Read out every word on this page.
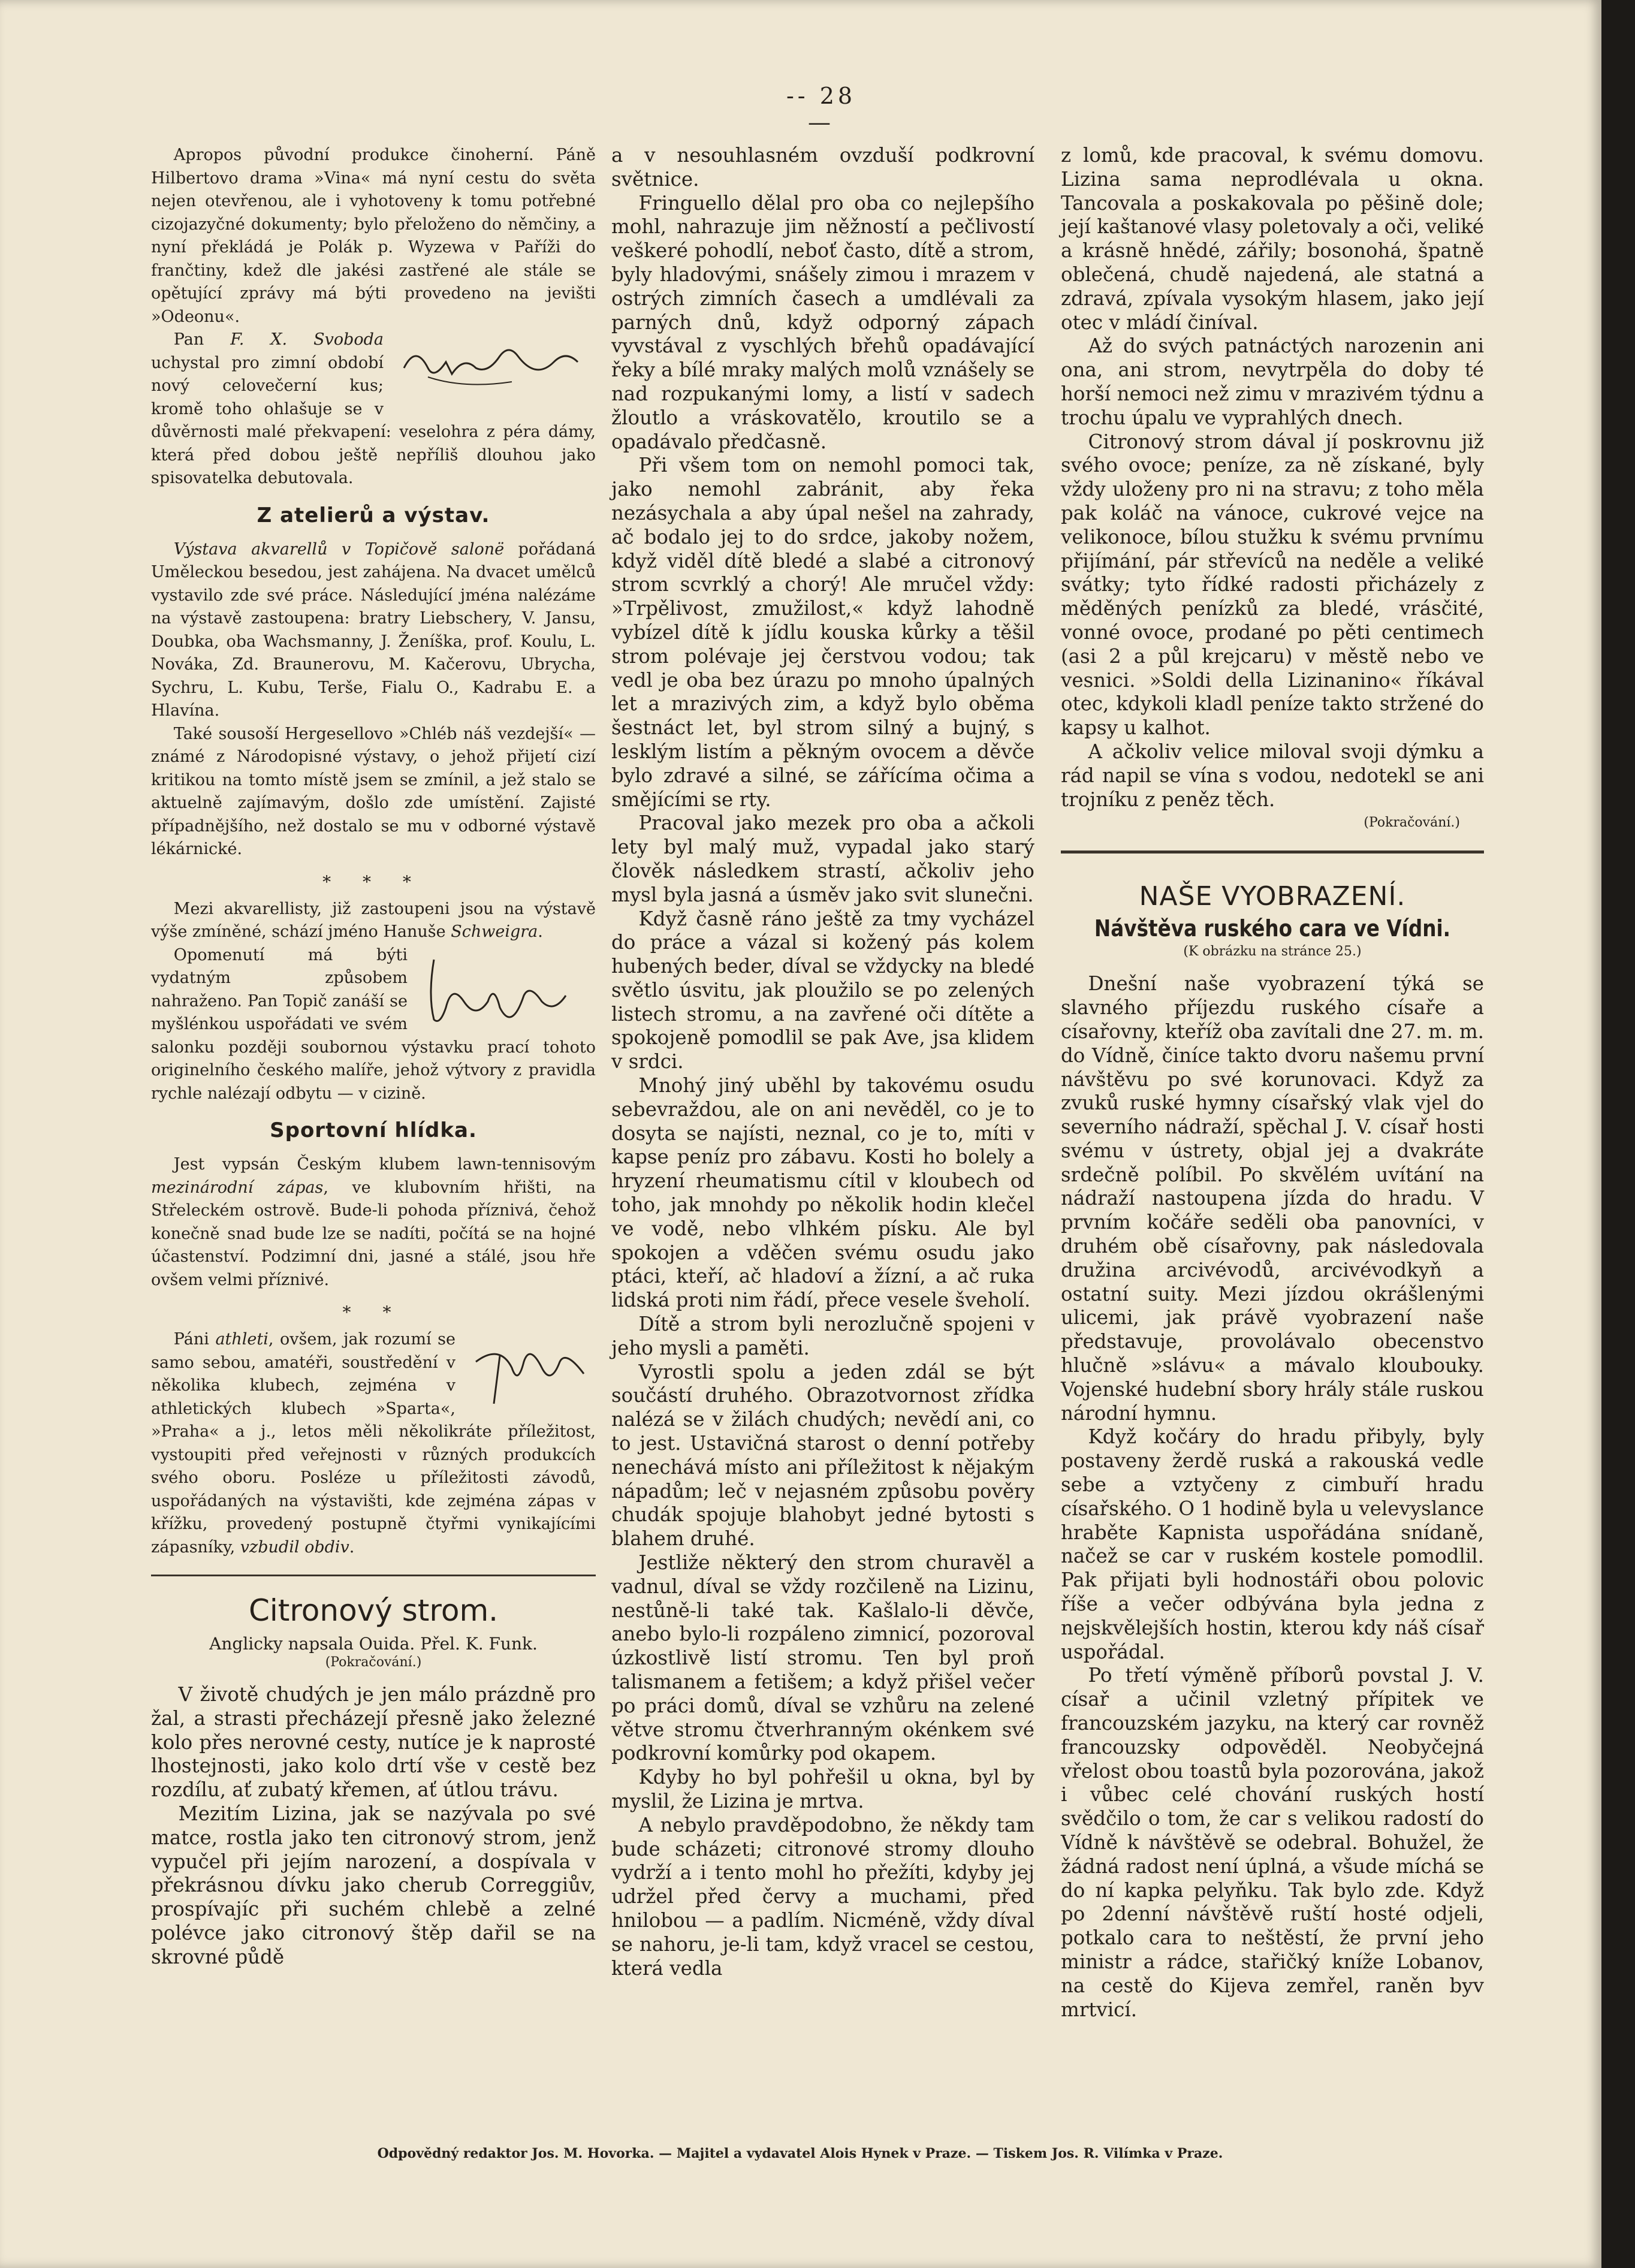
-- 28 —

Apropos původní produkce činoherní. Páně Hilbertovo drama »Vina« má nyní cestu do světa nejen otevřenou, ale i vyhotoveny k tomu potřebné cizojazyčné dokumenty; bylo přeloženo do němčiny, a nyní překládá je Polák p. Wyzewa v Paříži do frančtiny, kdež dle jakési zastřené ale stále se opětující zprávy má býti provedeno na jevišti »Odeonu«.

Pan F. X. Svoboda uchystal pro zimní období nový celovečerní kus; kromě toho ohlašuje se v důvěrnosti malé překvapení: veselohra z péra dámy, která před dobou ještě nepříliš dlouhou jako spisovatelka debutovala.

Z atelierů a výstav.

Výstava akvarellů v Topičově salonë pořádaná Uměleckou besedou, jest zahájena. Na dvacet umělců vystavilo zde své práce. Následující jména nalézáme na výstavě zastoupena: bratry Liebschery, V. Jansu, Doubka, oba Wachsmanny, J. Ženíška, prof. Koulu, L. Nováka, Zd. Braunerovu, M. Kačerovu, Ubrycha, Sychru, L. Kubu, Terše, Fialu O., Kadrabu E. a Hlavína.

Také sousoší Hergesellovo »Chléb náš vezdejší« — známé z Národopisné výstavy, o jehož přijetí cizí kritikou na tomto místě jsem se zmínil, a jež stalo se aktuelně zajímavým, došlo zde umístění. Zajisté případnějšího, než dostalo se mu v odborné výstavě lékárnické.

* * *

Mezi akvarellisty, již zastoupeni jsou na výstavě výše zmíněné, schází jméno Hanuše Schweigra.

Opomenutí má býti vydatným způsobem nahraženo. Pan Topič zanáší se myšlénkou uspořádati ve svém salonku později soubornou výstavku prací tohoto originelního českého malíře, jehož výtvory z pravidla rychle nalézají odbytu — v cizině.

Sportovní hlídka.

Jest vypsán Českým klubem lawn-tennisovým mezinárodní zápas, ve klubovním hřišti, na Střeleckém ostrově. Bude-li pohoda příznivá, čehož konečně snad bude lze se nadíti, počítá se na hojné účastenství. Podzimní dni, jasné a stálé, jsou hře ovšem velmi příznivé.

* *

Páni athleti, ovšem, jak rozumí se samo sebou, amatéři, soustředění v několika klubech, zejména v athletických klubech »Sparta«, »Praha« a j., letos měli několikráte příležitost, vystoupiti před veřejnosti v různých produkcích svého oboru. Posléze u příležitosti závodů, uspořádaných na výstavišti, kde zejména zápas v křížku, provedený postupně čtyřmi vynikajícími zápasníky, vzbudil obdiv.

Citronový strom.
Anglicky napsala Ouida. Přel. K. Funk.
(Pokračování.)

V životě chudých je jen málo prázdně pro žal, a strasti přecházejí přesně jako železné kolo přes nerovné cesty, nutíce je k naprosté lhostejnosti, jako kolo drtí vše v cestě bez rozdílu, ať zubatý křemen, ať útlou trávu.

Mezitím Lizina, jak se nazývala po své matce, rostla jako ten citronový strom, jenž vypučel při jejím narození, a dospívala v překrásnou dívku jako cherub Correggiův, prospívajíc při suchém chlebě a zelné polévce jako citronový štěp dařil se na skrovné půdě

a v nesouhlasném ovzduší podkrovní světnice.

Fringuello dělal pro oba co nejlepšího mohl, nahrazuje jim něžností a pečlivostí veškeré pohodlí, neboť často, dítě a strom, byly hladovými, snášely zimou i mrazem v ostrých zimních časech a umdlévali za parných dnů, když odporný zápach vyvstával z vyschlých břehů opadávající řeky a bílé mraky malých molů vznášely se nad rozpukanými lomy, a listí v sadech žloutlo a vráskovatělo, kroutilo se a opadávalo předčasně.

Při všem tom on nemohl pomoci tak, jako nemohl zabránit, aby řeka nezásychala a aby úpal nešel na zahrady, ač bodalo jej to do srdce, jakoby nožem, když viděl dítě bledé a slabé a citronový strom scvrklý a chorý! Ale mručel vždy: »Trpělivost, zmužilost,« když lahodně vybízel dítě k jídlu kouska kůrky a těšil strom polévaje jej čerstvou vodou; tak vedl je oba bez úrazu po mnoho úpalných let a mrazivých zim, a když bylo oběma šestnáct let, byl strom silný a bujný, s lesklým listím a pěkným ovocem a děvče bylo zdravé a silné, se zářícíma očima a smějícími se rty.

Pracoval jako mezek pro oba a ačkoli lety byl malý muž, vypadal jako starý člověk následkem strastí, ačkoliv jeho mysl byla jasná a úsměv jako svit slunečni.

Když časně ráno ještě za tmy vycházel do práce a vázal si kožený pás kolem hubených beder, díval se vždycky na bledé světlo úsvitu, jak ploužilo se po zelených listech stromu, a na zavřené oči dítěte a spokojeně pomodlil se pak Ave, jsa klidem v srdci.

Mnohý jiný uběhl by takovému osudu sebevraždou, ale on ani nevěděl, co je to dosyta se najísti, neznal, co je to, míti v kapse peníz pro zábavu. Kosti ho bolely a hryzení rheumatismu cítil v kloubech od toho, jak mnohdy po několik hodin klečel ve vodě, nebo vlhkém písku. Ale byl spokojen a vděčen svému osudu jako ptáci, kteří, ač hladoví a žízní, a ač ruka lidská proti nim řádí, přece vesele šveholí.

Dítě a strom byli nerozlučně spojeni v jeho mysli a paměti.

Vyrostli spolu a jeden zdál se být součástí druhého. Obrazotvornost zřídka nalézá se v žilách chudých; nevědí ani, co to jest. Ustavičná starost o denní potřeby nenechává místo ani příležitost k nějakým nápadům; leč v nejasném způsobu pověry chudák spojuje blahobyt jedné bytosti s blahem druhé.

Jestliže některý den strom churavěl a vadnul, díval se vždy rozčileně na Lizinu, nestůně-li také tak. Kašlalo-li děvče, anebo bylo-li rozpáleno zimnicí, pozoroval úzkostlivě listí stromu. Ten byl proň talismanem a fetišem; a když přišel večer po práci domů, díval se vzhůru na zelené větve stromu čtverhranným okénkem své podkrovní komůrky pod okapem.

Kdyby ho byl pohřešil u okna, byl by myslil, že Lizina je mrtva.

A nebylo pravděpodobno, že někdy tam bude scházeti; citronové stromy dlouho vydrží a i tento mohl ho přežíti, kdyby jej udržel před červy a muchami, před hnilobou — a padlím. Nicméně, vždy díval se nahoru, je-li tam, když vracel se cestou, která vedla

z lomů, kde pracoval, k svému domovu. Lizina sama neprodlévala u okna. Tancovala a poskakovala po pěšině dole; její kaštanové vlasy poletovaly a oči, veliké a krásně hnědé, zářily; bosonohá, špatně oblečená, chudě najedená, ale statná a zdravá, zpívala vysokým hlasem, jako její otec v mládí činíval.

Až do svých patnáctých narozenin ani ona, ani strom, nevytrpěla do doby té horší nemoci než zimu v mrazivém týdnu a trochu úpalu ve vyprahlých dnech.

Citronový strom dával jí poskrovnu již svého ovoce; peníze, za ně získané, byly vždy uloženy pro ni na stravu; z toho měla pak koláč na vánoce, cukrové vejce na velikonoce, bílou stužku k svému prvnímu přijímání, pár střevíců na neděle a veliké svátky; tyto řídké radosti přicházely z měděných penízků za bledé, vrásčité, vonné ovoce, prodané po pěti centimech (asi 2 a půl krejcaru) v městě nebo ve vesnici. »Soldi della Lizinanino« říkával otec, kdykoli kladl peníze takto stržené do kapsy u kalhot.

A ačkoliv velice miloval svoji dýmku a rád napil se vína s vodou, nedotekl se ani trojníku z peněz těch.

(Pokračování.)
NAŠE VYOBRAZENÍ.
Návštěva ruského cara ve Vídni.
(K obrázku na stránce 25.)

Dnešní naše vyobrazení týká se slavného příjezdu ruského císaře a císařovny, kteříž oba zavítali dne 27. m. m. do Vídně, činíce takto dvoru našemu první návštěvu po své korunovaci. Když za zvuků ruské hymny císařský vlak vjel do severního nádraží, spěchal J. V. císař hosti svému v ústrety, objal jej a dvakráte srdečně políbil. Po skvělém uvítání na nádraží nastoupena jízda do hradu. V prvním kočáře seděli oba panovníci, v druhém obě císařovny, pak následovala družina arcivévodů, arcivévodkyň a ostatní suity. Mezi jízdou okrášlenými ulicemi, jak právě vyobrazení naše představuje, provolávalo obecenstvo hlučně »slávu« a mávalo kloubouky. Vojenské hudební sbory hrály stále ruskou národní hymnu.

Když kočáry do hradu přibyly, byly postaveny žerdě ruská a rakouská vedle sebe a vztyčeny z cimbuří hradu císařského. O 1 hodině byla u velevyslance hraběte Kapnista uspořádána snídaně, načež se car v ruském kostele pomodlil. Pak přijati byli hodnostáři obou polovic říše a večer odbývána byla jedna z nejskvělejších hostin, kterou kdy náš císař uspořádal.

Po třetí výměně příborů povstal J. V. císař a učinil vzletný přípitek ve francouzském jazyku, na který car rovněž francouzsky odpověděl. Neobyčejná vřelost obou toastů byla pozorována, jakož i vůbec celé chování ruských hostí svědčilo o tom, že car s velikou radostí do Vídně k návštěvě se odebral. Bohužel, že žádná radost není úplná, a všude míchá se do ní kapka pelyňku. Tak bylo zde. Když po 2denní návštěvě ruští hosté odjeli, potkalo cara to neštěstí, že první jeho ministr a rádce, stařičký kníže Lobanov, na cestě do Kijeva zemřel, raněn byv mrtvicí.

Odpovědný redaktor Jos. M. Hovorka. — Majitel a vydavatel Alois Hynek v Praze. — Tiskem Jos. R. Vilímka v Praze.
